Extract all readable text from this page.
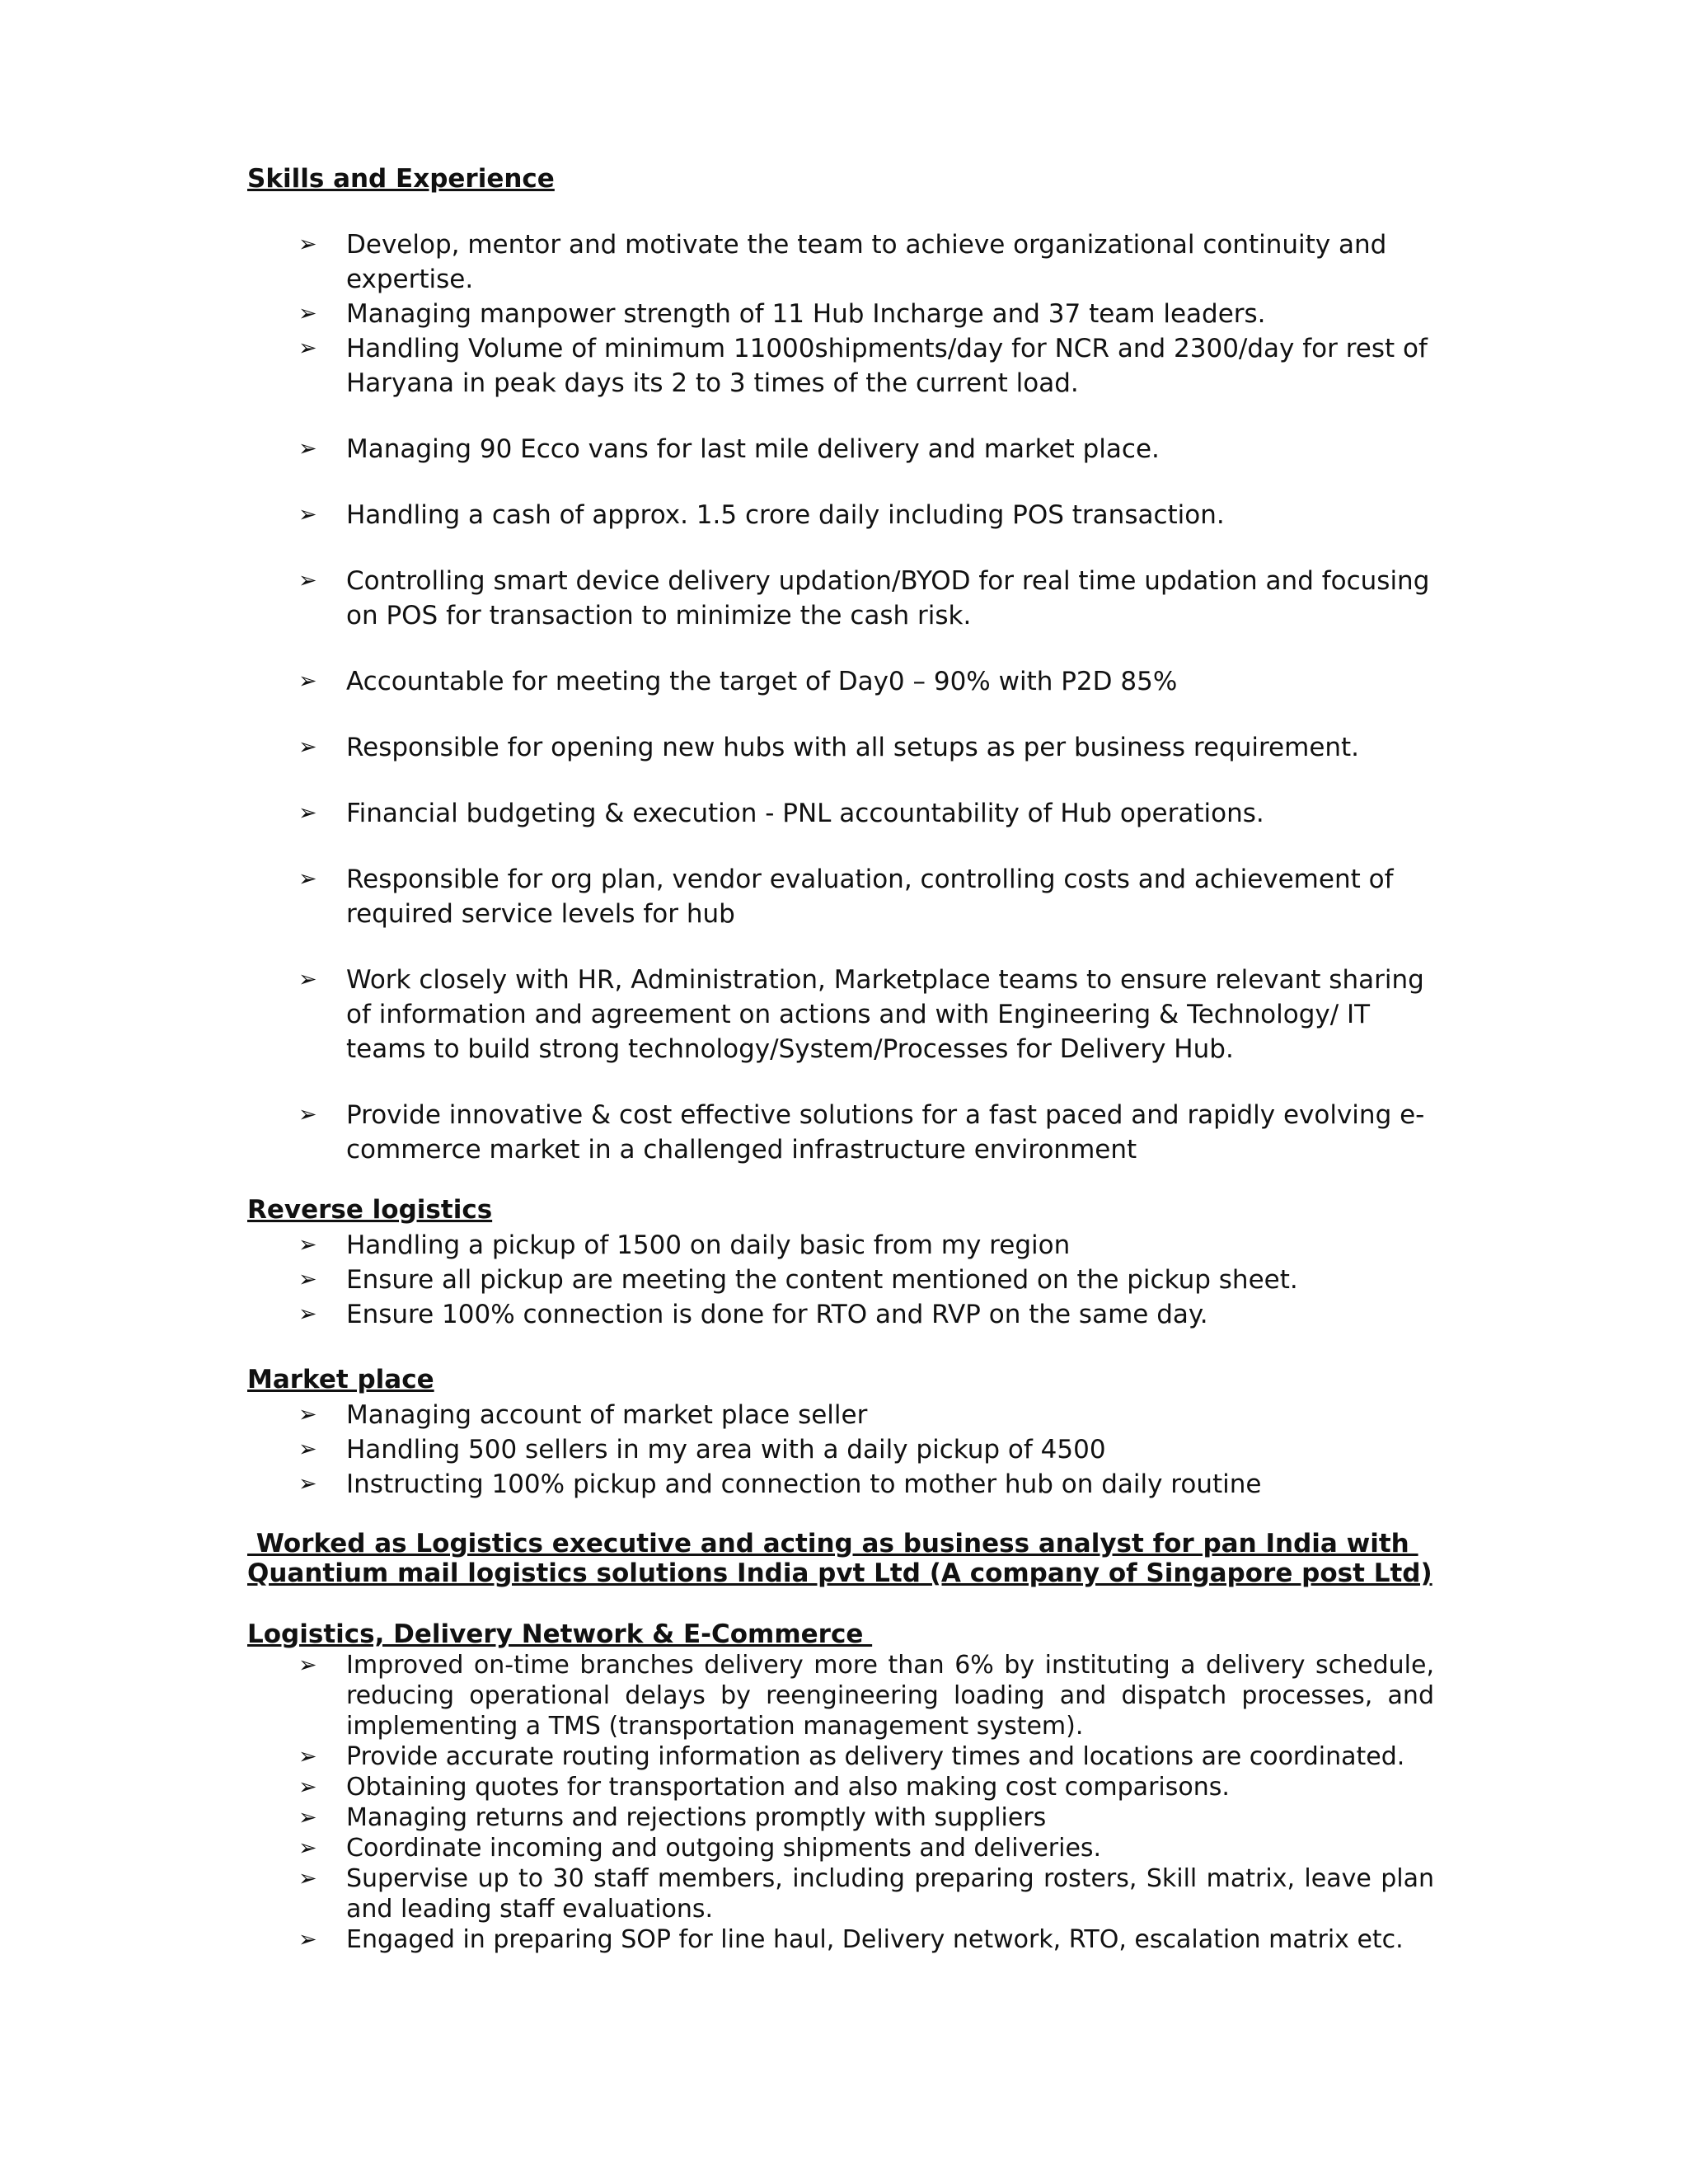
Skills and Experience
➢ Develop, mentor and motivate the team to achieve organizational continuity and expertise.
➢ Managing manpower strength of 11 Hub Incharge and 37 team leaders.
➢ Handling Volume of minimum 11000shipments/day for NCR and 2300/day for rest of Haryana in peak days its 2 to 3 times of the current load.
➢ Managing 90 Ecco vans for last mile delivery and market place.
➢ Handling a cash of approx. 1.5 crore daily including POS transaction.
➢ Controlling smart device delivery updation/BYOD for real time updation and focusing on POS for transaction to minimize the cash risk.
➢ Accountable for meeting the target of Day0 – 90% with P2D 85%
➢ Responsible for opening new hubs with all setups as per business requirement.
➢ Financial budgeting & execution - PNL accountability of Hub operations.
➢ Responsible for org plan, vendor evaluation, controlling costs and achievement of required service levels for hub
➢ Work closely with HR, Administration, Marketplace teams to ensure relevant sharing of information and agreement on actions and with Engineering & Technology/ IT teams to build strong technology/System/Processes for Delivery Hub.
➢ Provide innovative & cost effective solutions for a fast paced and rapidly evolving e-commerce market in a challenged infrastructure environment
Reverse logistics
➢ Handling a pickup of 1500 on daily basic from my region
➢ Ensure all pickup are meeting the content mentioned on the pickup sheet.
➢ Ensure 100% connection is done for RTO and RVP on the same day.
Market place
➢ Managing account of market place seller
➢ Handling 500 sellers in my area with a daily pickup of 4500
➢ Instructing 100% pickup and connection to mother hub on daily routine
Worked as Logistics executive and acting as business analyst for pan India with
Quantium mail logistics solutions India pvt Ltd (A company of Singapore post Ltd)
Logistics, Delivery Network & E-Commerce
➢ Improved on-time branches delivery more than 6% by instituting a delivery schedule, reducing operational delays by reengineering loading and dispatch processes, and implementing a TMS (transportation management system).
➢ Provide accurate routing information as delivery times and locations are coordinated.
➢ Obtaining quotes for transportation and also making cost comparisons.
➢ Managing returns and rejections promptly with suppliers
➢ Coordinate incoming and outgoing shipments and deliveries.
➢ Supervise up to 30 staff members, including preparing rosters, Skill matrix, leave plan and leading staff evaluations.
➢ Engaged in preparing SOP for line haul, Delivery network, RTO, escalation matrix etc.
